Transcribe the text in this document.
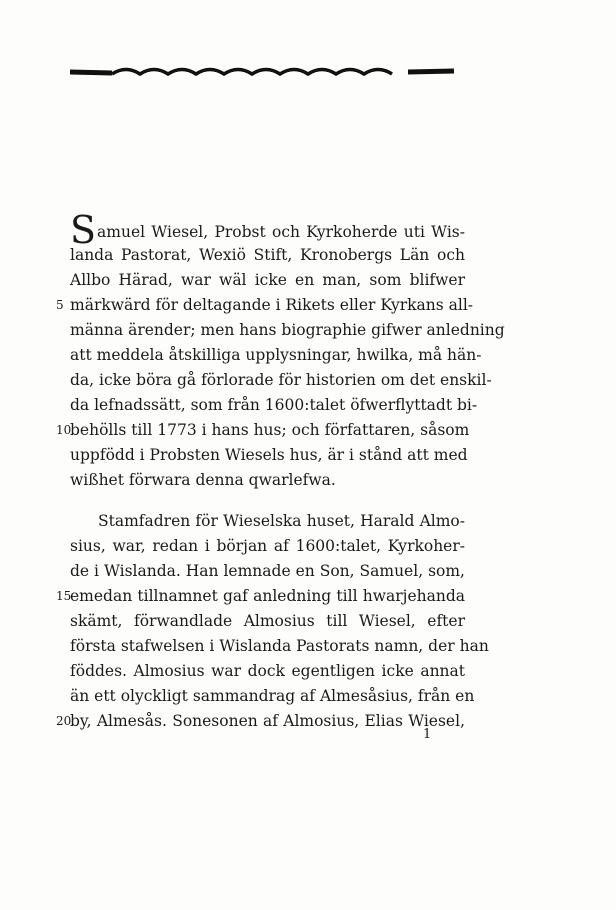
Samuel Wiesel, Probst och Kyrkoherde uti Wis-
landa Pastorat, Wexiö Stift, Kronobergs Län och
Allbo Härad, war wäl icke en man, som blifwer
5 märkwärd för deltagande i Rikets eller Kyrkans all-
männa ärender; men hans biographie gifwer anledning
att meddela åtskilliga upplysningar, hwilka, må hän-
da, icke böra gå förlorade för historien om det enskil-
da lefnadssätt, som från 1600:talet öfwerflyttadt bi-
10
behölls till 1773 i hans hus; och författaren, såsom
uppfödd i Probsten Wiesels hus, är i stånd att med
wißhet förwara denna qwarlefwa.
Stamfadren för Wieselska huset, Harald Almo-
sius, war, redan i början af 1600:talet, Kyrkoher-
de i Wislanda. Han lemnade en Son, Samuel, som,
15
emedan tillnamnet gaf anledning till hwarjehanda
skämt, förwandlade Almosius till Wiesel, efter
första stafwelsen i Wislanda Pastorats namn, der han
föddes. Almosius war dock egentligen icke annat
än ett olyckligt sammandrag af Almesåsius, från en
20
by, Almesås. Sonesonen af Almosius, Elias Wiesel,
1
